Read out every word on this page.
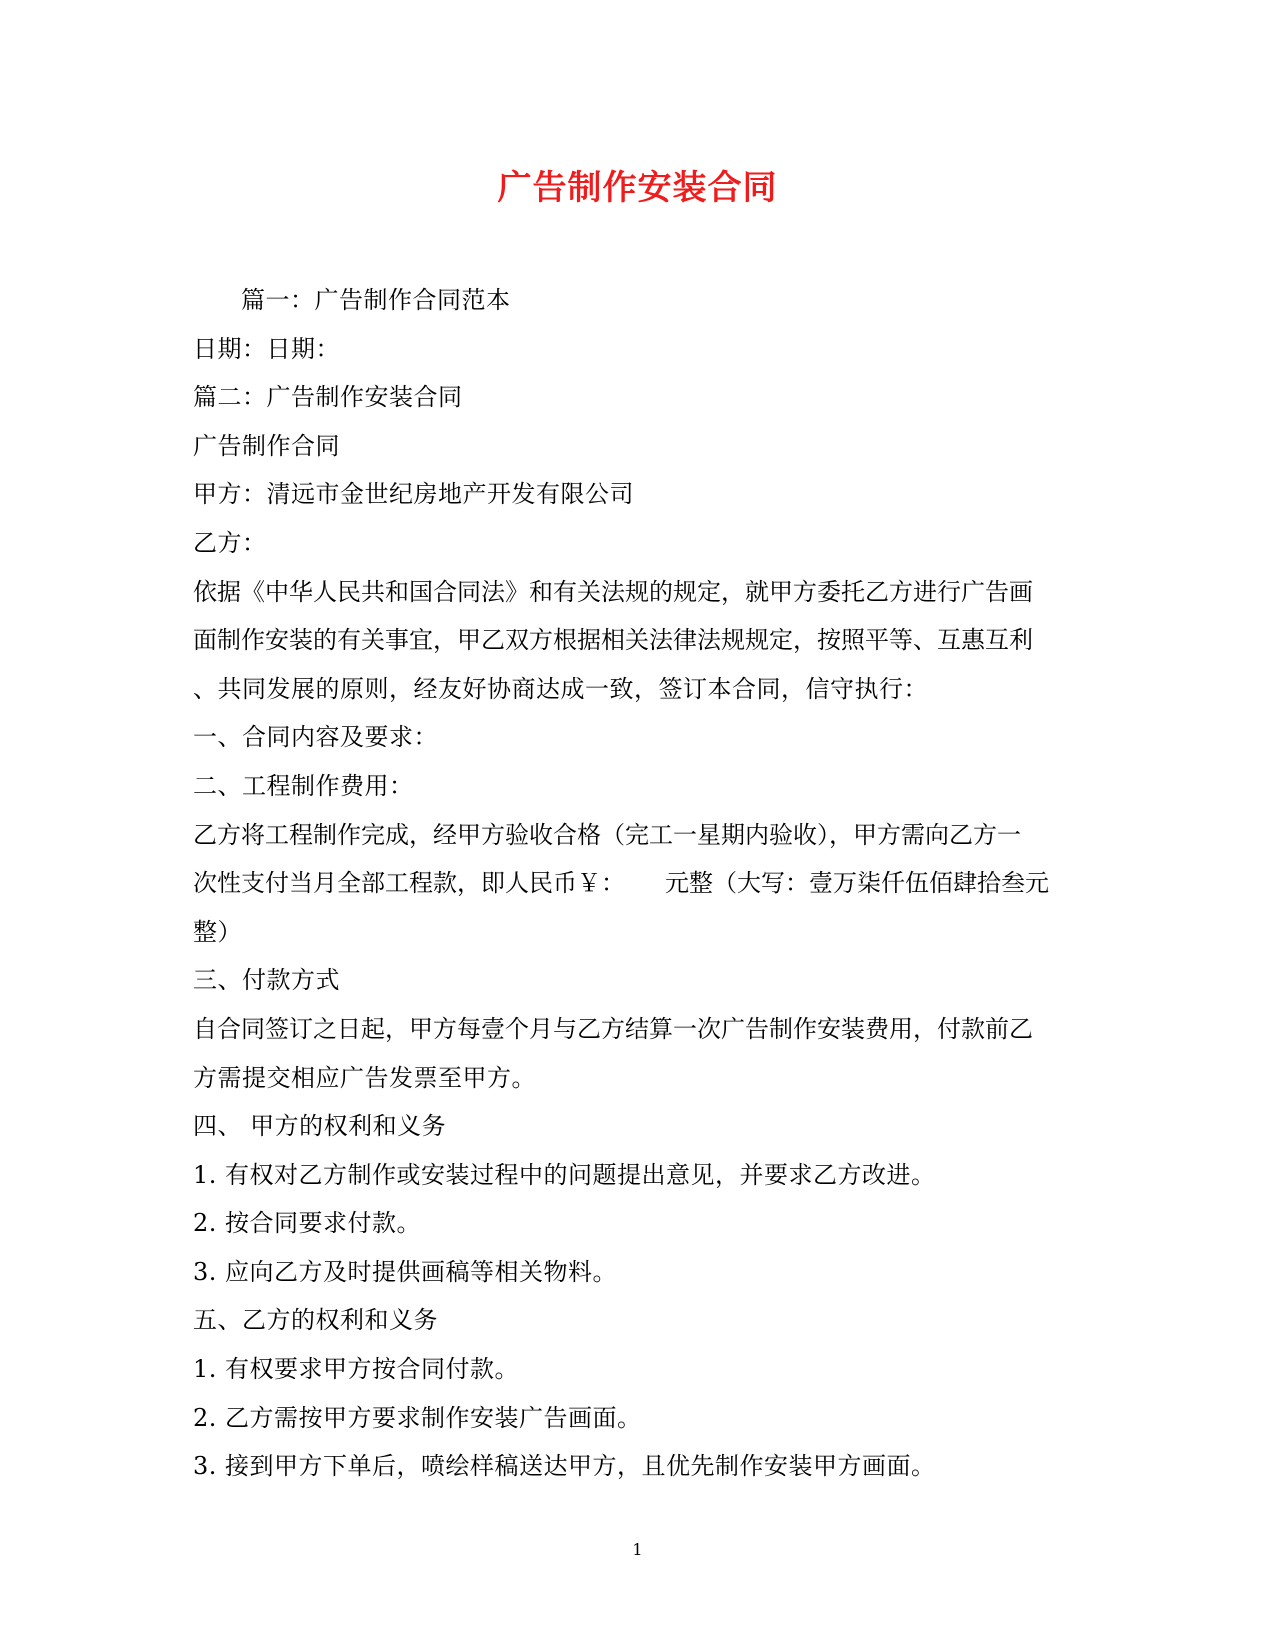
广告制作安装合同
篇一：广告制作合同范本
日期：日期：
篇二：广告制作安装合同
广告制作合同
甲方：清远市金世纪房地产开发有限公司
乙方：
依据《中华人民共和国合同法》和有关法规的规定，就甲方委托乙方进行广告画
面制作安装的有关事宜，甲乙双方根据相关法律法规规定，按照平等、互惠互利
、共同发展的原则，经友好协商达成一致，签订本合同，信守执行：
一、合同内容及要求：
二、工程制作费用：
乙方将工程制作完成，经甲方验收合格（完工一星期内验收），甲方需向乙方一
次性支付当月全部工程款，即人民币￥： 元整（大写：壹万柒仟伍佰肆拾叁元
整）
三、付款方式
自合同签订之日起，甲方每壹个月与乙方结算一次广告制作安装费用，付款前乙
方需提交相应广告发票至甲方。
四、 甲方的权利和义务
1. 有权对乙方制作或安装过程中的问题提出意见，并要求乙方改进。
2. 按合同要求付款。
3. 应向乙方及时提供画稿等相关物料。
五、乙方的权利和义务
1. 有权要求甲方按合同付款。
2. 乙方需按甲方要求制作安装广告画面。
3. 接到甲方下单后，喷绘样稿送达甲方，且优先制作安装甲方画面。
1
